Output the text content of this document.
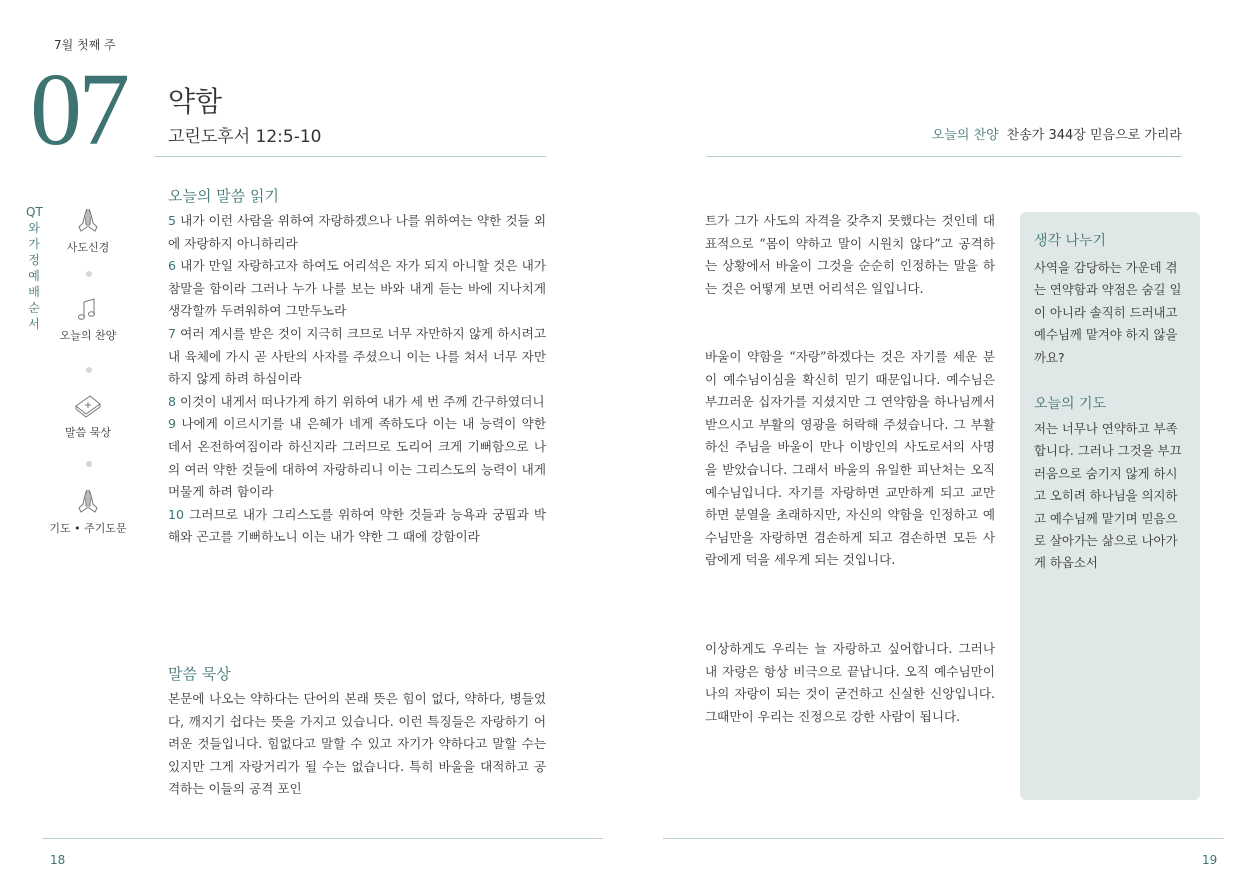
7월 첫째 주
07 약함
고린도후서 12:5-10	오늘의 찬양 찬송가 344장 믿음으로 가리라
QT와 가정예배 순서
사도신경
오늘의 찬양
말씀 묵상
기도 • 주기도문
오늘의 말씀 읽기
5 내가 이런 사람을 위하여 자랑하겠으나 나를 위하여는 약한 것들 외에 자랑하지 아니하리라
6 내가 만일 자랑하고자 하여도 어리석은 자가 되지 아니할 것은 내가 참말을 함이라 그러나 누가 나를 보는 바와 내게 듣는 바에 지나치게 생각할까 두려워하여 그만두노라
7 여러 계시를 받은 것이 지극히 크므로 너무 자만하지 않게 하시려고 내 육체에 가시 곧 사탄의 사자를 주셨으니 이는 나를 쳐서 너무 자만하지 않게 하려 하심이라
8 이것이 내게서 떠나가게 하기 위하여 내가 세 번 주께 간구하였더니
9 나에게 이르시기를 내 은혜가 네게 족하도다 이는 내 능력이 약한 데서 온전하여짐이라 하신지라 그러므로 도리어 크게 기뻐함으로 나의 여러 약한 것들에 대하여 자랑하리니 이는 그리스도의 능력이 내게 머물게 하려 함이라
10 그러므로 내가 그리스도를 위하여 약한 것들과 능욕과 궁핍과 박해와 곤고를 기뻐하노니 이는 내가 약한 그 때에 강함이라
말씀 묵상
본문에 나오는 약하다는 단어의 본래 뜻은 힘이 없다, 약하다, 병들었다, 깨지기 쉽다는 뜻을 가지고 있습니다. 이런 특징들은 자랑하기 어려운 것들입니다. 힘없다고 말할 수 있고 자기가 약하다고 말할 수는 있지만 그게 자랑거리가 될 수는 없습니다. 특히 바울을 대적하고 공격하는 이들의 공격 포인
트가 그가 사도의 자격을 갖추지 못했다는 것인데 대표적으로 “몸이 약하고 말이 시원치 않다”고 공격하는 상황에서 바울이 그것을 순순히 인정하는 말을 하는 것은 어떻게 보면 어리석은 일입니다.
바울이 약함을 “자랑”하겠다는 것은 자기를 세운 분이 예수님이심을 확신히 믿기 때문입니다. 예수님은 부끄러운 십자가를 지셨지만 그 연약함을 하나님께서 받으시고 부활의 영광을 허락해 주셨습니다. 그 부활하신 주님을 바울이 만나 이방인의 사도로서의 사명을 받았습니다. 그래서 바울의 유일한 피난처는 오직 예수님입니다. 자기를 자랑하면 교만하게 되고 교만하면 분열을 초래하지만, 자신의 약함을 인정하고 예수님만을 자랑하면 겸손하게 되고 겸손하면 모든 사람에게 덕을 세우게 되는 것입니다.
이상하게도 우리는 늘 자랑하고 싶어합니다. 그러나 내 자랑은 항상 비극으로 끝납니다. 오직 예수님만이 나의 자랑이 되는 것이 굳건하고 신실한 신앙입니다. 그때만이 우리는 진정으로 강한 사람이 됩니다.
생각 나누기
사역을 감당하는 가운데 겪는 연약함과 약점은 숨길 일이 아니라 솔직히 드러내고 예수님께 맡겨야 하지 않을까요?
오늘의 기도
저는 너무나 연약하고 부족합니다. 그러나 그것을 부끄러움으로 숨기지 않게 하시고 오히려 하나님을 의지하고 예수님께 맡기며 믿음으로 살아가는 삶으로 나아가게 하옵소서
18	19
